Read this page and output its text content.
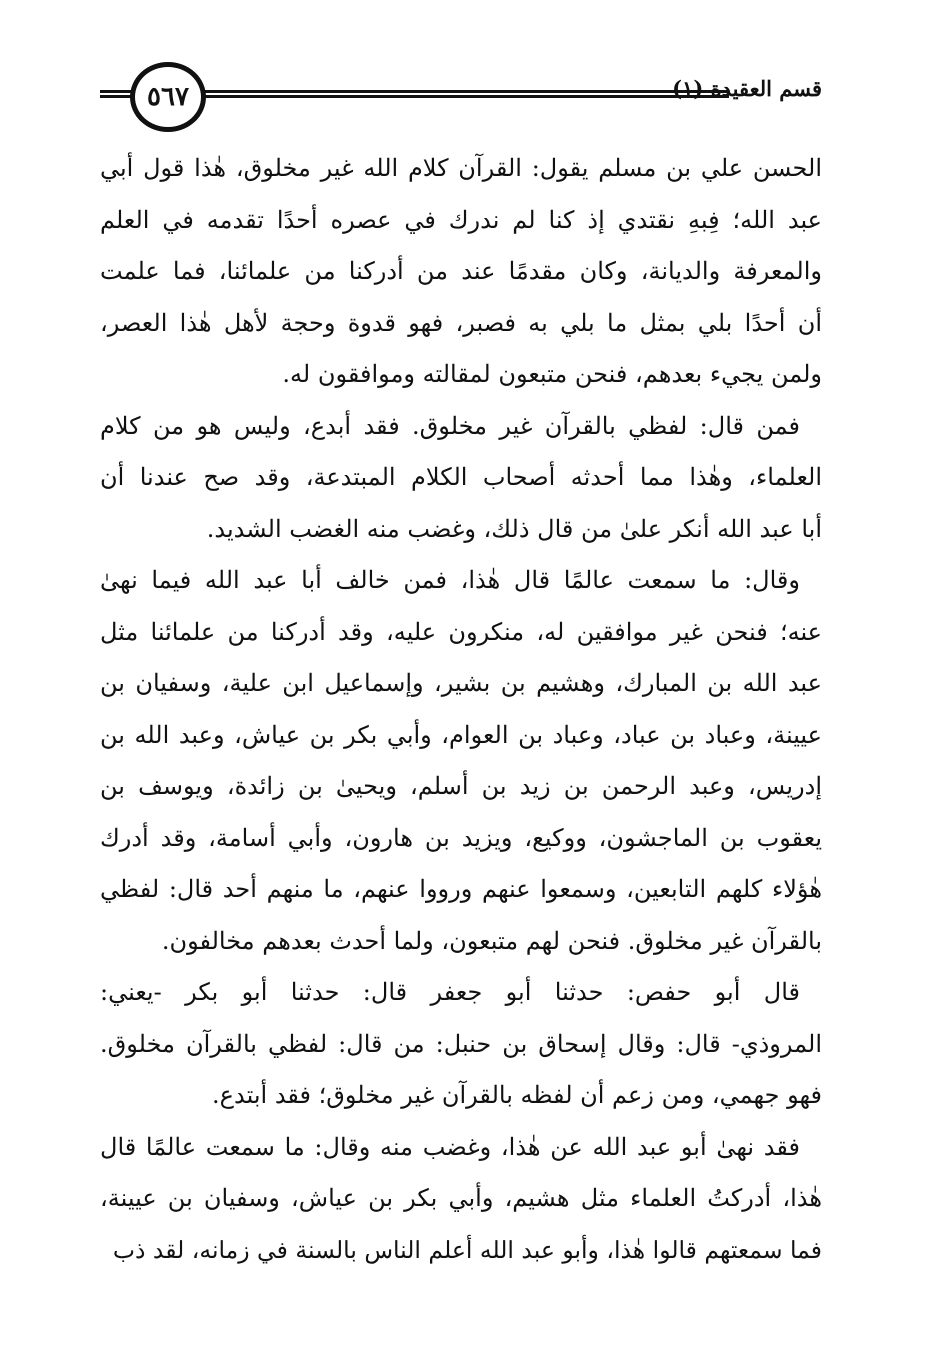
٥٦٧	قسم العقيدة (١)
الحسن علي بن مسلم يقول: القرآن كلام الله غير مخلوق، هٰذا قول أبي
عبد الله؛ فِبهِ نقتدي إذ كنا لم ندرك في عصره أحدًا تقدمه في العلم
والمعرفة والديانة، وكان مقدمًا عند من أدركنا من علمائنا، فما علمت
أن أحدًا بلي بمثل ما بلي به فصبر، فهو قدوة وحجة لأهل هٰذا العصر،
ولمن يجيء بعدهم، فنحن متبعون لمقالته وموافقون له.
فمن قال: لفظي بالقرآن غير مخلوق. فقد أبدع، وليس هو من كلام
العلماء، وهٰذا مما أحدثه أصحاب الكلام المبتدعة، وقد صح عندنا أن
أبا عبد الله أنكر علىٰ من قال ذلك، وغضب منه الغضب الشديد.
وقال: ما سمعت عالمًا قال هٰذا، فمن خالف أبا عبد الله فيما نهىٰ
عنه؛ فنحن غير موافقين له، منكرون عليه، وقد أدركنا من علمائنا مثل
عبد الله بن المبارك، وهشيم بن بشير، وإسماعيل ابن علية، وسفيان بن
عيينة، وعباد بن عباد، وعباد بن العوام، وأبي بكر بن عياش، وعبد الله بن
إدريس، وعبد الرحمن بن زيد بن أسلم، ويحيىٰ بن زائدة، ويوسف بن
يعقوب بن الماجشون، ووكيع، ويزيد بن هارون، وأبي أسامة، وقد أدرك
هٰؤلاء كلهم التابعين، وسمعوا عنهم ورووا عنهم، ما منهم أحد قال: لفظي
بالقرآن غير مخلوق. فنحن لهم متبعون، ولما أحدث بعدهم مخالفون.
قال أبو حفص: حدثنا أبو جعفر قال: حدثنا أبو بكر -يعني:
المروذي- قال: وقال إسحاق بن حنبل: من قال: لفظي بالقرآن مخلوق.
فهو جهمي، ومن زعم أن لفظه بالقرآن غير مخلوق؛ فقد أبتدع.
فقد نهىٰ أبو عبد الله عن هٰذا، وغضب منه وقال: ما سمعت عالمًا قال
هٰذا، أدركتُ العلماء مثل هشيم، وأبي بكر بن عياش، وسفيان بن عيينة،
فما سمعتهم قالوا هٰذا، وأبو عبد الله أعلم الناس بالسنة في زمانه، لقد ذب
